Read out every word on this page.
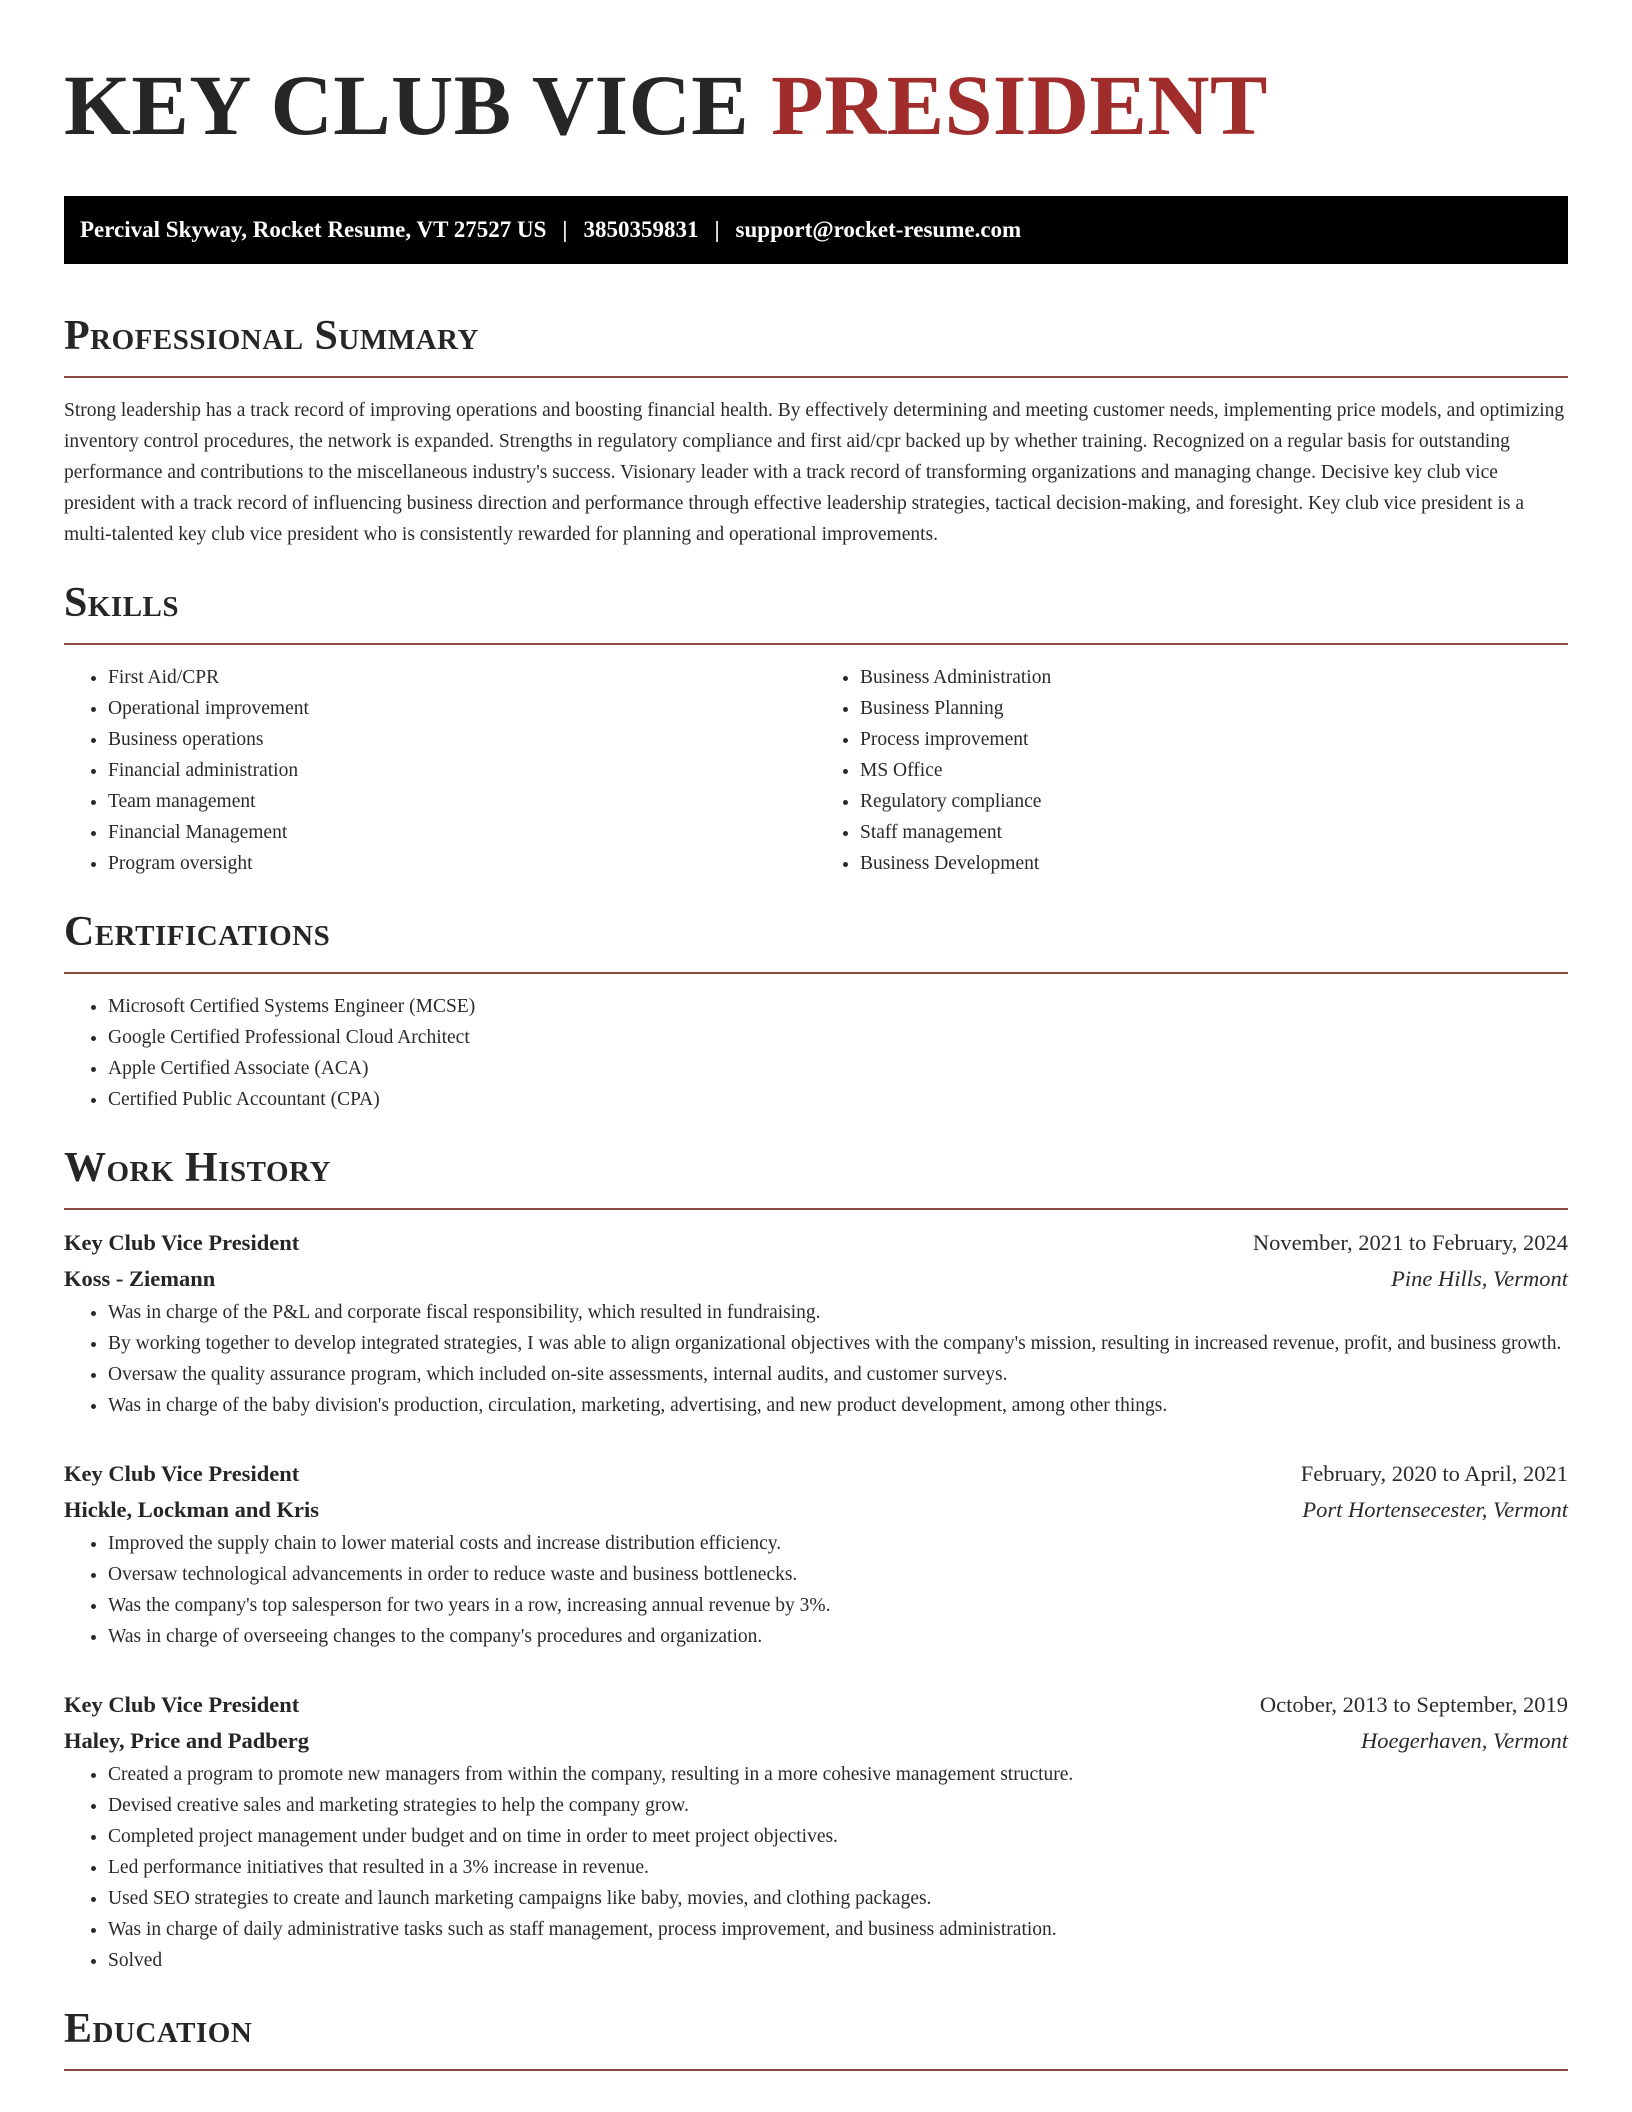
KEY CLUB VICE PRESIDENT
Percival Skyway, Rocket Resume, VT 27527 US | 3850359831 | support@rocket-resume.com
Professional Summary

Strong leadership has a track record of improving operations and boosting financial health. By effectively determining and meeting customer needs, implementing price models, and optimizing inventory control procedures, the network is expanded. Strengths in regulatory compliance and first aid/cpr backed up by whether training. Recognized on a regular basis for outstanding performance and contributions to the miscellaneous industry's success. Visionary leader with a track record of transforming organizations and managing change. Decisive key club vice president with a track record of influencing business direction and performance through effective leadership strategies, tactical decision-making, and foresight. Key club vice president is a multi-talented key club vice president who is consistently rewarded for planning and operational improvements.

Skills
• First Aid/CPR
• Operational improvement
• Business operations
• Financial administration
• Team management
• Financial Management
• Program oversight
• Business Administration
• Business Planning
• Process improvement
• MS Office
• Regulatory compliance
• Staff management
• Business Development
Certifications
• Microsoft Certified Systems Engineer (MCSE)
• Google Certified Professional Cloud Architect
• Apple Certified Associate (ACA)
• Certified Public Accountant (CPA)
Work History
Key Club Vice President	November, 2021 to February, 2024
Koss - Ziemann	Pine Hills, Vermont
• Was in charge of the P&L and corporate fiscal responsibility, which resulted in fundraising.
• By working together to develop integrated strategies, I was able to align organizational objectives with the company's mission, resulting in increased revenue, profit, and business growth.
• Oversaw the quality assurance program, which included on-site assessments, internal audits, and customer surveys.
• Was in charge of the baby division's production, circulation, marketing, advertising, and new product development, among other things.
Key Club Vice President	February, 2020 to April, 2021
Hickle, Lockman and Kris	Port Hortensecester, Vermont
• Improved the supply chain to lower material costs and increase distribution efficiency.
• Oversaw technological advancements in order to reduce waste and business bottlenecks.
• Was the company's top salesperson for two years in a row, increasing annual revenue by 3%.
• Was in charge of overseeing changes to the company's procedures and organization.
Key Club Vice President	October, 2013 to September, 2019
Haley, Price and Padberg	Hoegerhaven, Vermont
• Created a program to promote new managers from within the company, resulting in a more cohesive management structure.
• Devised creative sales and marketing strategies to help the company grow.
• Completed project management under budget and on time in order to meet project objectives.
• Led performance initiatives that resulted in a 3% increase in revenue.
• Used SEO strategies to create and launch marketing campaigns like baby, movies, and clothing packages.
• Was in charge of daily administrative tasks such as staff management, process improvement, and business administration.
• Solved
Education
